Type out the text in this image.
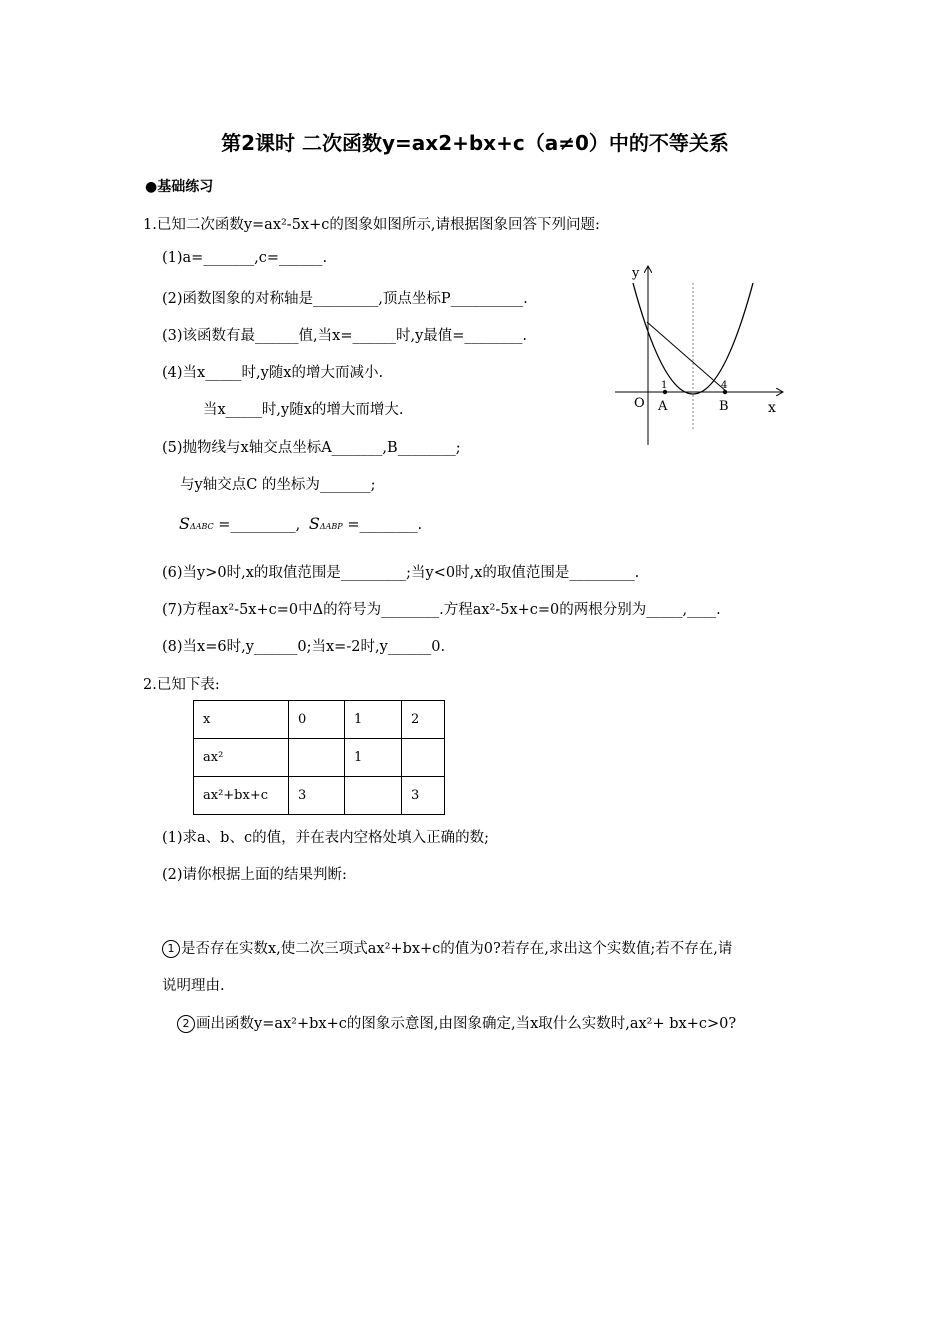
第2课时 二次函数y=ax2+bx+c（a≠0）中的不等关系
●基础练习
1.已知二次函数y=ax²-5x+c的图象如图所示,请根据图象回答下列问题:
(1)a=_______,c=______.
(2)函数图象的对称轴是_________,顶点坐标P__________.
(3)该函数有最______值,当x=______时,y最值=________.
(4)当x_____时,y随x的增大而减小.
当x_____时,y随x的增大而增大.
(5)抛物线与x轴交点坐标A_______,B________;
与y轴交点C 的坐标为_______;
SΔABC =_________, SΔABP =________.
(6)当y>0时,x的取值范围是_________;当y<0时,x的取值范围是_________.
(7)方程ax²-5x+c=0中Δ的符号为________.方程ax²-5x+c=0的两根分别为_____,____.
(8)当x=6时,y______0;当x=-2时,y______0.
y
x
O A	B
1	4
2.已知下表:
x	0	1	2
ax²		1	
ax²+bx+c	3		3
(1)求a、b、c的值，并在表内空格处填入正确的数;
(2)请你根据上面的结果判断:
1 是否存在实数x,使二次三项式ax²+bx+c的值为0?若存在,求出这个实数值;若不存在,请
说明理由.
2 画出函数y=ax²+bx+c的图象示意图,由图象确定,当x取什么实数时,ax²+ bx+c>0?
